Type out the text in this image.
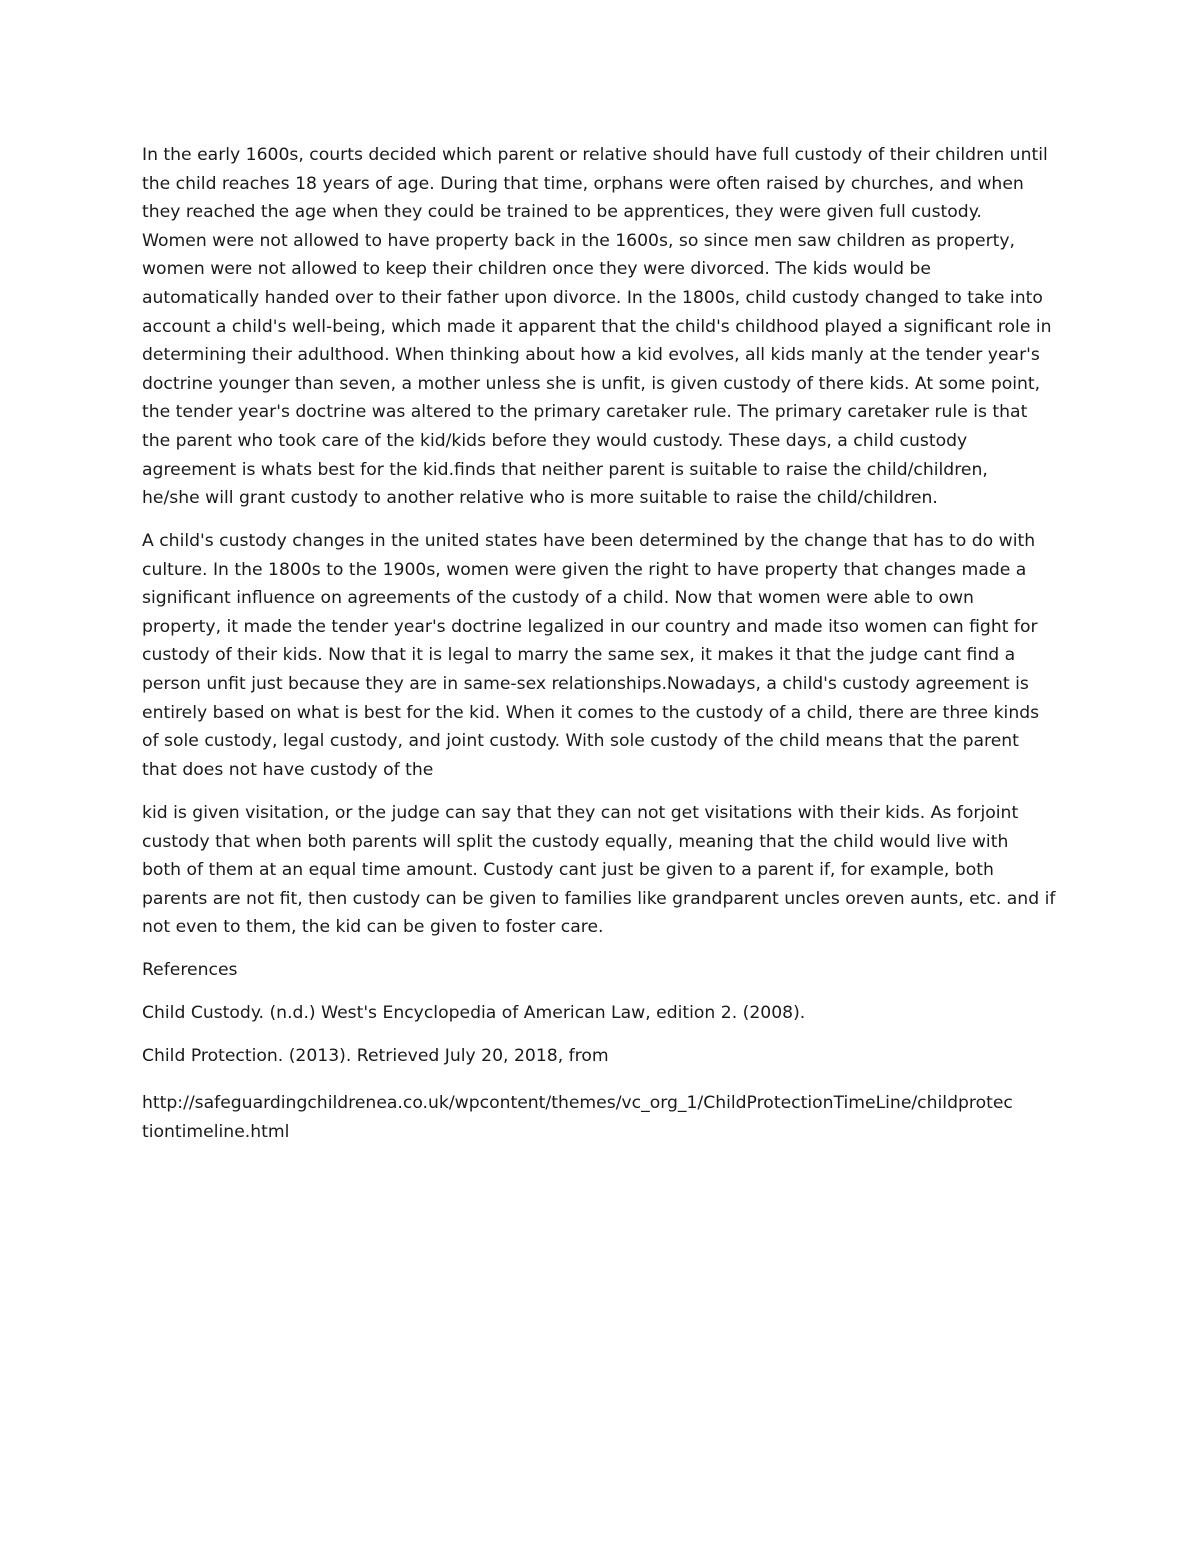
In the early 1600s, courts decided which parent or relative should have full custody of their children until
the child reaches 18 years of age. During that time, orphans were often raised by churches, and when
they reached the age when they could be trained to be apprentices, they were given full custody.
Women were not allowed to have property back in the 1600s, so since men saw children as property,
women were not allowed to keep their children once they were divorced. The kids would be
automatically handed over to their father upon divorce. In the 1800s, child custody changed to take into
account a child's well-being, which made it apparent that the child's childhood played a significant role in
determining their adulthood. When thinking about how a kid evolves, all kids manly at the tender year's
doctrine younger than seven, a mother unless she is unfit, is given custody of there kids. At some point,
the tender year's doctrine was altered to the primary caretaker rule. The primary caretaker rule is that
the parent who took care of the kid/kids before they would custody. These days, a child custody
agreement is whats best for the kid.finds that neither parent is suitable to raise the child/children,
he/she will grant custody to another relative who is more suitable to raise the child/children.
A child's custody changes in the united states have been determined by the change that has to do with
culture. In the 1800s to the 1900s, women were given the right to have property that changes made a
significant influence on agreements of the custody of a child. Now that women were able to own
property, it made the tender year's doctrine legalized in our country and made itso women can fight for
custody of their kids. Now that it is legal to marry the same sex, it makes it that the judge cant find a
person unfit just because they are in same-sex relationships.Nowadays, a child's custody agreement is
entirely based on what is best for the kid. When it comes to the custody of a child, there are three kinds
of sole custody, legal custody, and joint custody. With sole custody of the child means that the parent
that does not have custody of the
kid is given visitation, or the judge can say that they can not get visitations with their kids. As forjoint
custody that when both parents will split the custody equally, meaning that the child would live with
both of them at an equal time amount. Custody cant just be given to a parent if, for example, both
parents are not fit, then custody can be given to families like grandparent uncles oreven aunts, etc. and if
not even to them, the kid can be given to foster care.
References
Child Custody. (n.d.) West's Encyclopedia of American Law, edition 2. (2008).
Child Protection. (2013). Retrieved July 20, 2018, from
http://safeguardingchildrenea.co.uk/wpcontent/themes/vc_org_1/ChildProtectionTimeLine/childprotec
tiontimeline.html
